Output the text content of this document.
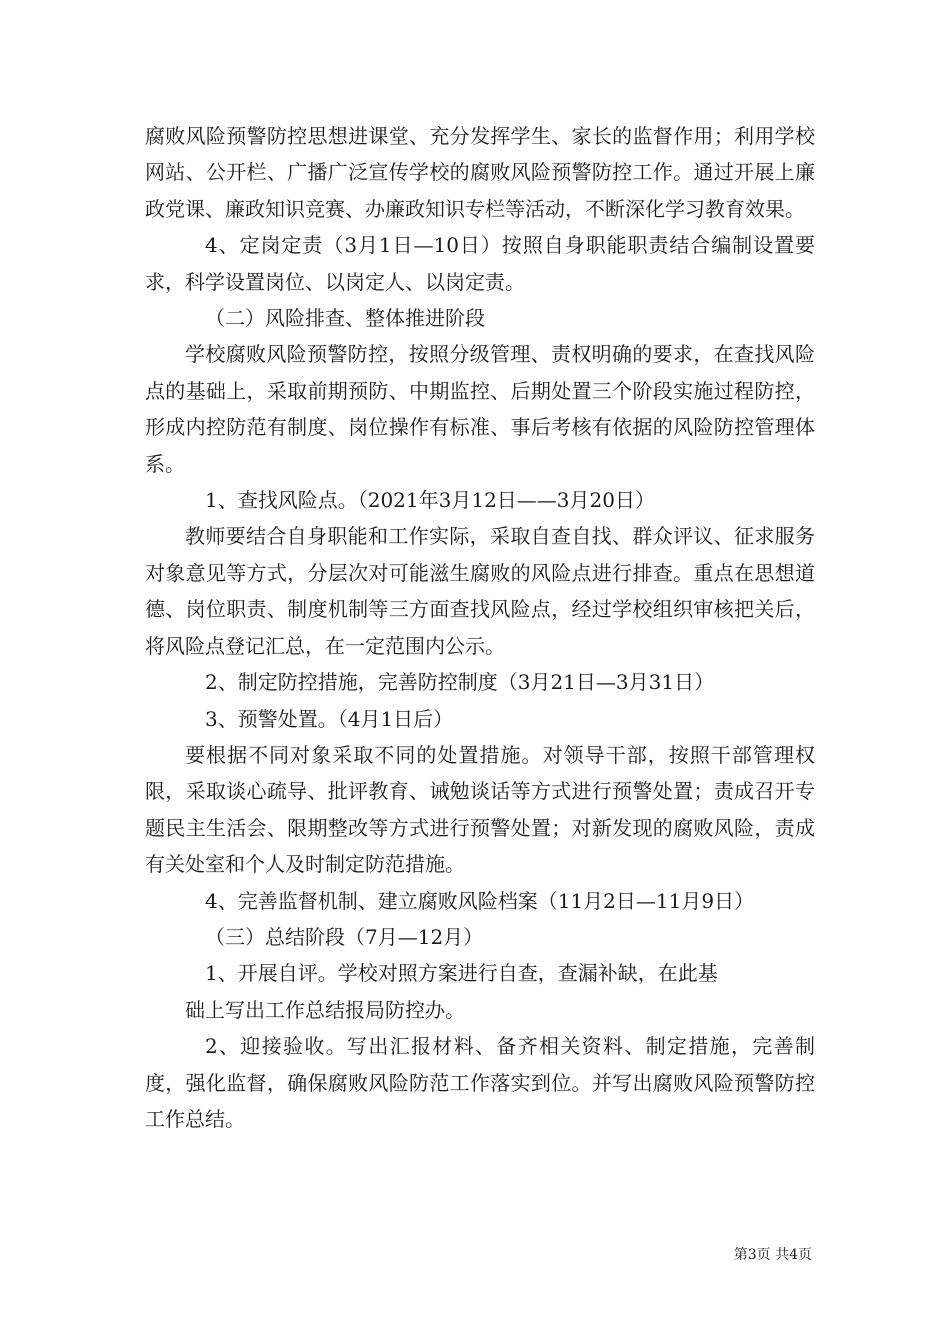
腐败风险预警防控思想进课堂、充分发挥学生、家长的监督作用；利用学校网站、公开栏、广播广泛宣传学校的腐败风险预警防控工作。通过开展上廉政党课、廉政知识竞赛、办廉政知识专栏等活动，不断深化学习教育效果。

4、定岗定责（3月1日—10日）按照自身职能职责结合编制设置要求，科学设置岗位、以岗定人、以岗定责。

（二）风险排查、整体推进阶段

学校腐败风险预警防控，按照分级管理、责权明确的要求，在查找风险点的基础上，采取前期预防、中期监控、后期处置三个阶段实施过程防控，形成内控防范有制度、岗位操作有标准、事后考核有依据的风险防控管理体系。

1、查找风险点。（2021年3月12日——3月20日）

教师要结合自身职能和工作实际，采取自查自找、群众评议、征求服务对象意见等方式，分层次对可能滋生腐败的风险点进行排查。重点在思想道德、岗位职责、制度机制等三方面查找风险点，经过学校组织审核把关后，将风险点登记汇总，在一定范围内公示。

2、制定防控措施，完善防控制度（3月21日—3月31日）

3、预警处置。（4月1日后）

要根据不同对象采取不同的处置措施。对领导干部，按照干部管理权限，采取谈心疏导、批评教育、诫勉谈话等方式进行预警处置；责成召开专题民主生活会、限期整改等方式进行预警处置；对新发现的腐败风险，责成有关处室和个人及时制定防范措施。

4、完善监督机制、建立腐败风险档案（11月2日—11月9日）

（三）总结阶段（7月—12月）

1、开展自评。学校对照方案进行自查，查漏补缺，在此基

础上写出工作总结报局防控办。

2、迎接验收。写出汇报材料、备齐相关资料、制定措施，完善制度，强化监督，确保腐败风险防范工作落实到位。并写出腐败风险预警防控工作总结。

第3页 共4页
